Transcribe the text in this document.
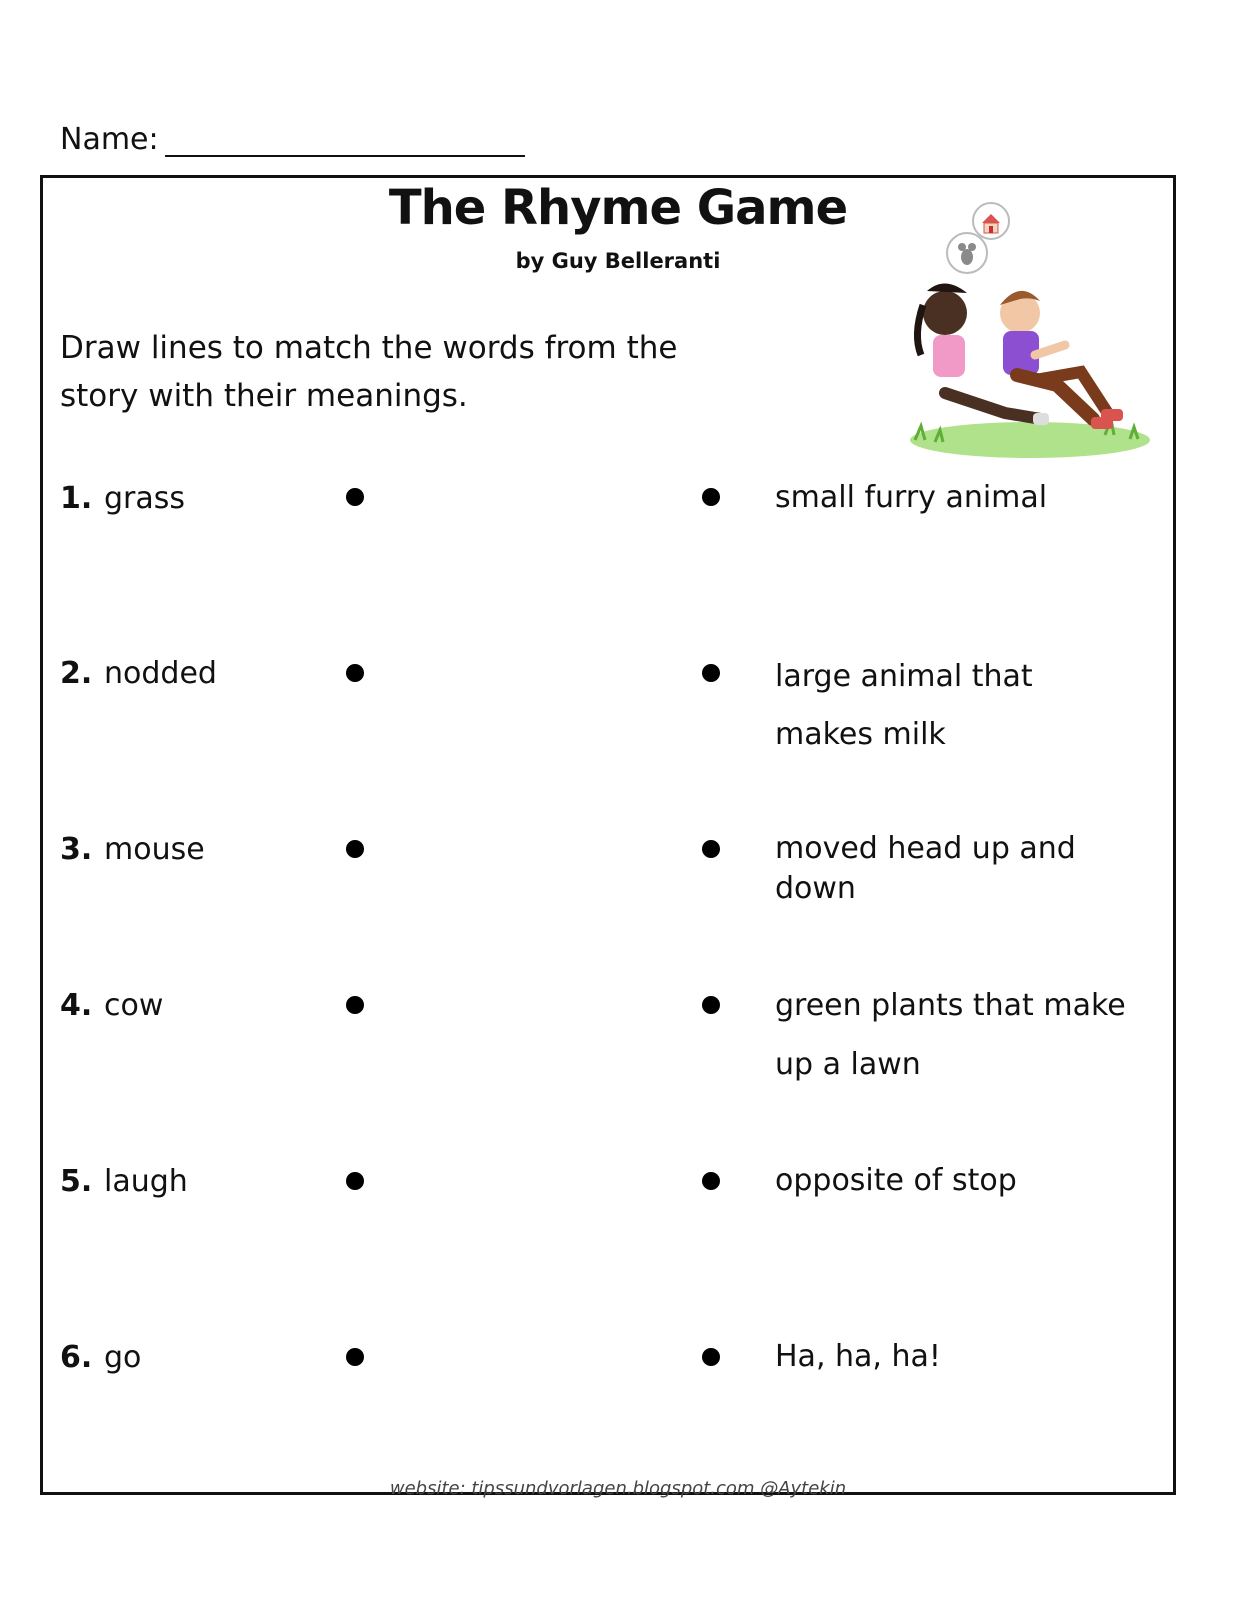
Name:
The Rhyme Game
by Guy Belleranti
Draw lines to match the words from the story with their meanings.
1. grass	small furry animal
2. nodded	large animal that makes milk
3. mouse	moved head up and down
4. cow	green plants that make up a lawn
5. laugh	opposite of stop
6. go	Ha, ha, ha!
website: tipssundvorlagen.blogspot.com @Aytekin
